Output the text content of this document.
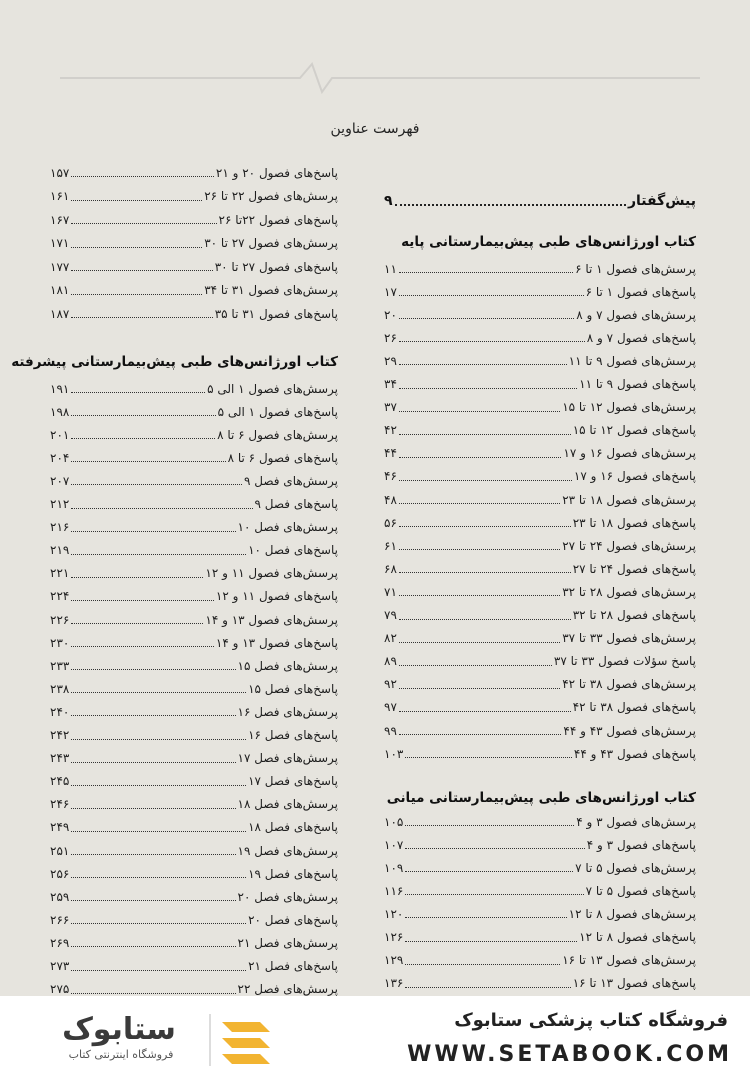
فهرست عناوین
پیش‌گفتار
۹
کتاب اورژانس‌های طبی پیش‌بیمارستانی پایه
پرسش‌های فصول ۱ تا ۶
۱۱
پاسخ‌های فصول ۱ تا ۶
۱۷
پرسش‌های فصول ۷ و ۸
۲۰
پاسخ‌های فصول ۷ و ۸
۲۶
پرسش‌های فصول ۹ تا ۱۱
۲۹
پاسخ‌های فصول ۹ تا ۱۱
۳۴
پرسش‌های فصول ۱۲ تا ۱۵
۳۷
پاسخ‌های فصول ۱۲ تا ۱۵
۴۲
پرسش‌های فصول ۱۶ و ۱۷
۴۴
پاسخ‌های فصول ۱۶ و ۱۷
۴۶
پرسش‌های فصول ۱۸ تا ۲۳
۴۸
پاسخ‌های فصول ۱۸ تا ۲۳
۵۶
پرسش‌های فصول ۲۴ تا ۲۷
۶۱
پاسخ‌های فصول ۲۴ تا ۲۷
۶۸
پرسش‌های فصول ۲۸ تا ۳۲
۷۱
پاسخ‌های فصول ۲۸ تا ۳۲
۷۹
پرسش‌های فصول ۳۳ تا ۳۷
۸۲
پاسخ سؤلات فصول ۳۳ تا ۳۷
۸۹
پرسش‌های فصول ۳۸ تا ۴۲
۹۲
پاسخ‌های فصول ۳۸ تا ۴۲
۹۷
پرسش‌های فصول ۴۳ و ۴۴
۹۹
پاسخ‌های فصول ۴۳ و ۴۴
۱۰۳
کتاب اورژانس‌های طبی پیش‌بیمارستانی میانی
پرسش‌های فصول ۳ و ۴
۱۰۵
پاسخ‌های فصول ۳ و ۴
۱۰۷
پرسش‌های فصول ۵ تا ۷
۱۰۹
پاسخ‌های فصول ۵ تا ۷
۱۱۶
پرسش‌های فصول ۸ تا ۱۲
۱۲۰
پاسخ‌های فصول ۸ تا ۱۲
۱۲۶
پرسش‌های فصول ۱۳ تا ۱۶
۱۲۹
پاسخ‌های فصول ۱۳ تا ۱۶
۱۳۶
پاسخ‌های فصول ۲۰ و ۲۱
۱۵۷
پرسش‌های فصول ۲۲ تا ۲۶
۱۶۱
پاسخ‌های فصول ۲۲تا ۲۶
۱۶۷
پرسش‌های فصول ۲۷ تا ۳۰
۱۷۱
پاسخ‌های فصول ۲۷ تا ۳۰
۱۷۷
پرسش‌های فصول ۳۱ تا ۳۴
۱۸۱
پاسخ‌های فصول ۳۱ تا ۳۵
۱۸۷
کتاب اورژانس‌های طبی پیش‌بیمارستانی پیشرفته
پرسش‌های فصول ۱ الی ۵
۱۹۱
پاسخ‌های فصول ۱ الی ۵
۱۹۸
پرسش‌های فصول ۶ تا ۸
۲۰۱
پاسخ‌های فصول ۶ تا ۸
۲۰۴
پرسش‌های فصل ۹
۲۰۷
پاسخ‌های فصل ۹
۲۱۲
پرسش‌های فصل ۱۰
۲۱۶
پاسخ‌های فصل ۱۰
۲۱۹
پرسش‌های فصول ۱۱ و ۱۲
۲۲۱
پاسخ‌های فصول ۱۱ و ۱۲
۲۲۴
پرسش‌های فصول ۱۳ و ۱۴
۲۲۶
پاسخ‌های فصول ۱۳ و ۱۴
۲۳۰
پرسش‌های فصل ۱۵
۲۳۳
پاسخ‌های فصل ۱۵
۲۳۸
پرسش‌های فصل ۱۶
۲۴۰
پاسخ‌های فصل ۱۶
۲۴۲
پرسش‌های فصل ۱۷
۲۴۳
پاسخ‌های فصل ۱۷
۲۴۵
پرسش‌های فصل ۱۸
۲۴۶
پاسخ‌های فصل ۱۸
۲۴۹
پرسش‌های فصل ۱۹
۲۵۱
پاسخ‌های فصل ۱۹
۲۵۶
پرسش‌های فصل ۲۰
۲۵۹
پاسخ‌های فصل ۲۰
۲۶۶
پرسش‌های فصل ۲۱
۲۶۹
پاسخ‌های فصل ۲۱
۲۷۳
پرسش‌های فصل ۲۲
۲۷۵
ستابوک
فروشگاه اینترنتی کتاب
فروشگاه کتاب پزشکی ستابوک
WWW.SETABOOK.COM
